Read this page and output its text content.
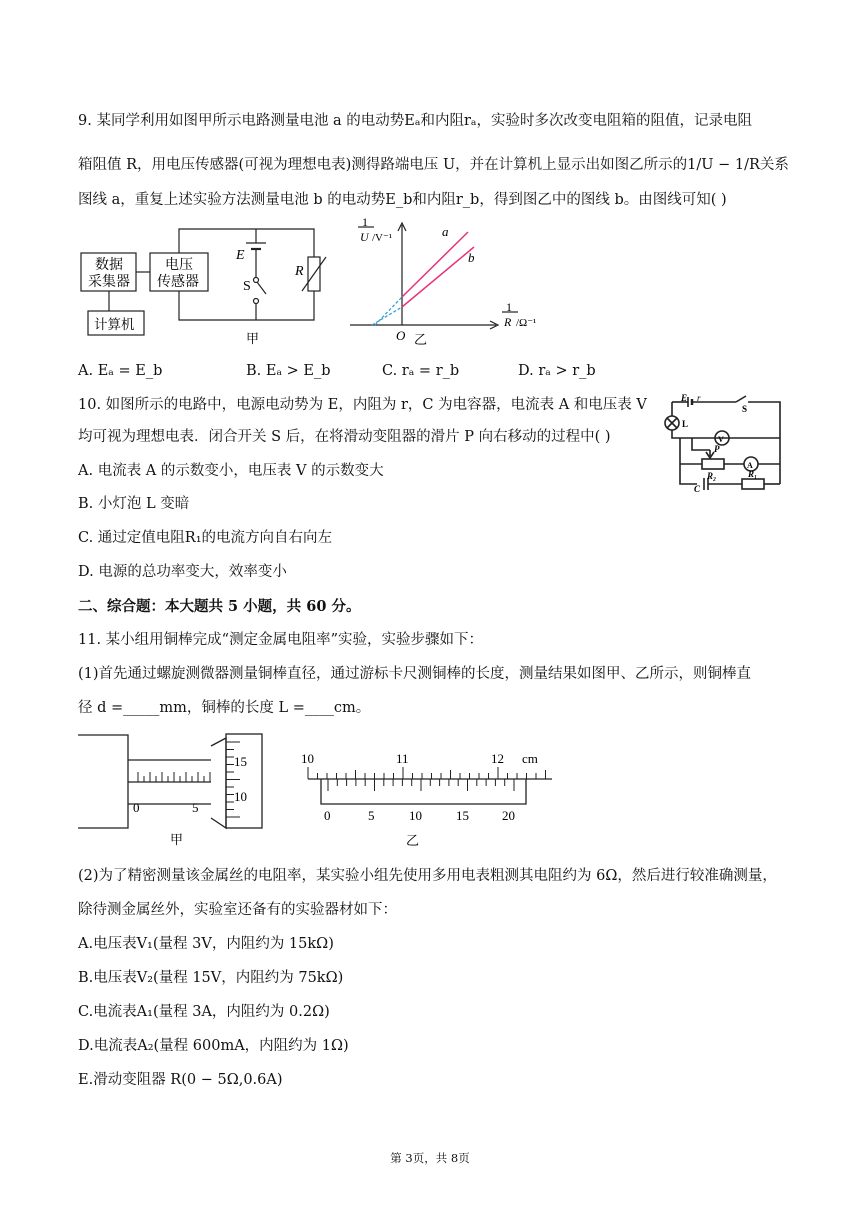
9. 某同学利用如图甲所示电路测量电池 a 的电动势Eₐ和内阻rₐ，实验时多次改变电阻箱的阻值，记录电阻
箱阻值 R，用电压传感器(可视为理想电表)测得路端电压 U，并在计算机上显示出如图乙所示的1/U − 1/R关系
图线 a，重复上述实验方法测量电池 b 的电动势E_b和内阻r_b，得到图乙中的图线 b。由图线可知( )
数据
采集器
电压
传感器
计算机
E
S
R
甲
1
U /V⁻¹
1
R /Ω⁻¹
O
a
b
乙
A. Eₐ = E_b	B. Eₐ > E_b	C. rₐ = r_b	D. rₐ > r_b
10. 如图所示的电路中，电源电动势为 E，内阻为 r，C 为电容器，电流表 A 和电压表 V
均可视为理想电表．闭合开关 S 后，在将滑动变阻器的滑片 P 向右移动的过程中( )
A. 电流表 A 的示数变小，电压表 V 的示数变大
B. 小灯泡 L 变暗
C. 通过定值电阻R₁的电流方向自右向左
D. 电源的总功率变大，效率变小
E r
S
L
V
A
P
R₂
C
R₁
二、综合题：本大题共 5 小题，共 60 分。
11. 某小组用铜棒完成“测定金属电阻率”实验，实验步骤如下：
(1)首先通过螺旋测微器测量铜棒直径，通过游标卡尺测铜棒的长度，测量结果如图甲、乙所示，则铜棒直
径 d =_____mm，铜棒的长度 L =____cm。
15
10
0	5
甲
10	11	12 cm
0	5	10	15	20
乙
(2)为了精密测量该金属丝的电阻率，某实验小组先使用多用电表粗测其电阻约为 6Ω，然后进行较准确测量，
除待测金属丝外，实验室还备有的实验器材如下：
A.电压表V₁(量程 3V，内阻约为 15kΩ)
B.电压表V₂(量程 15V，内阻约为 75kΩ)
C.电流表A₁(量程 3A，内阻约为 0.2Ω)
D.电流表A₂(量程 600mA，内阻约为 1Ω)
E.滑动变阻器 R(0 − 5Ω,0.6A)
第 3页，共 8页
